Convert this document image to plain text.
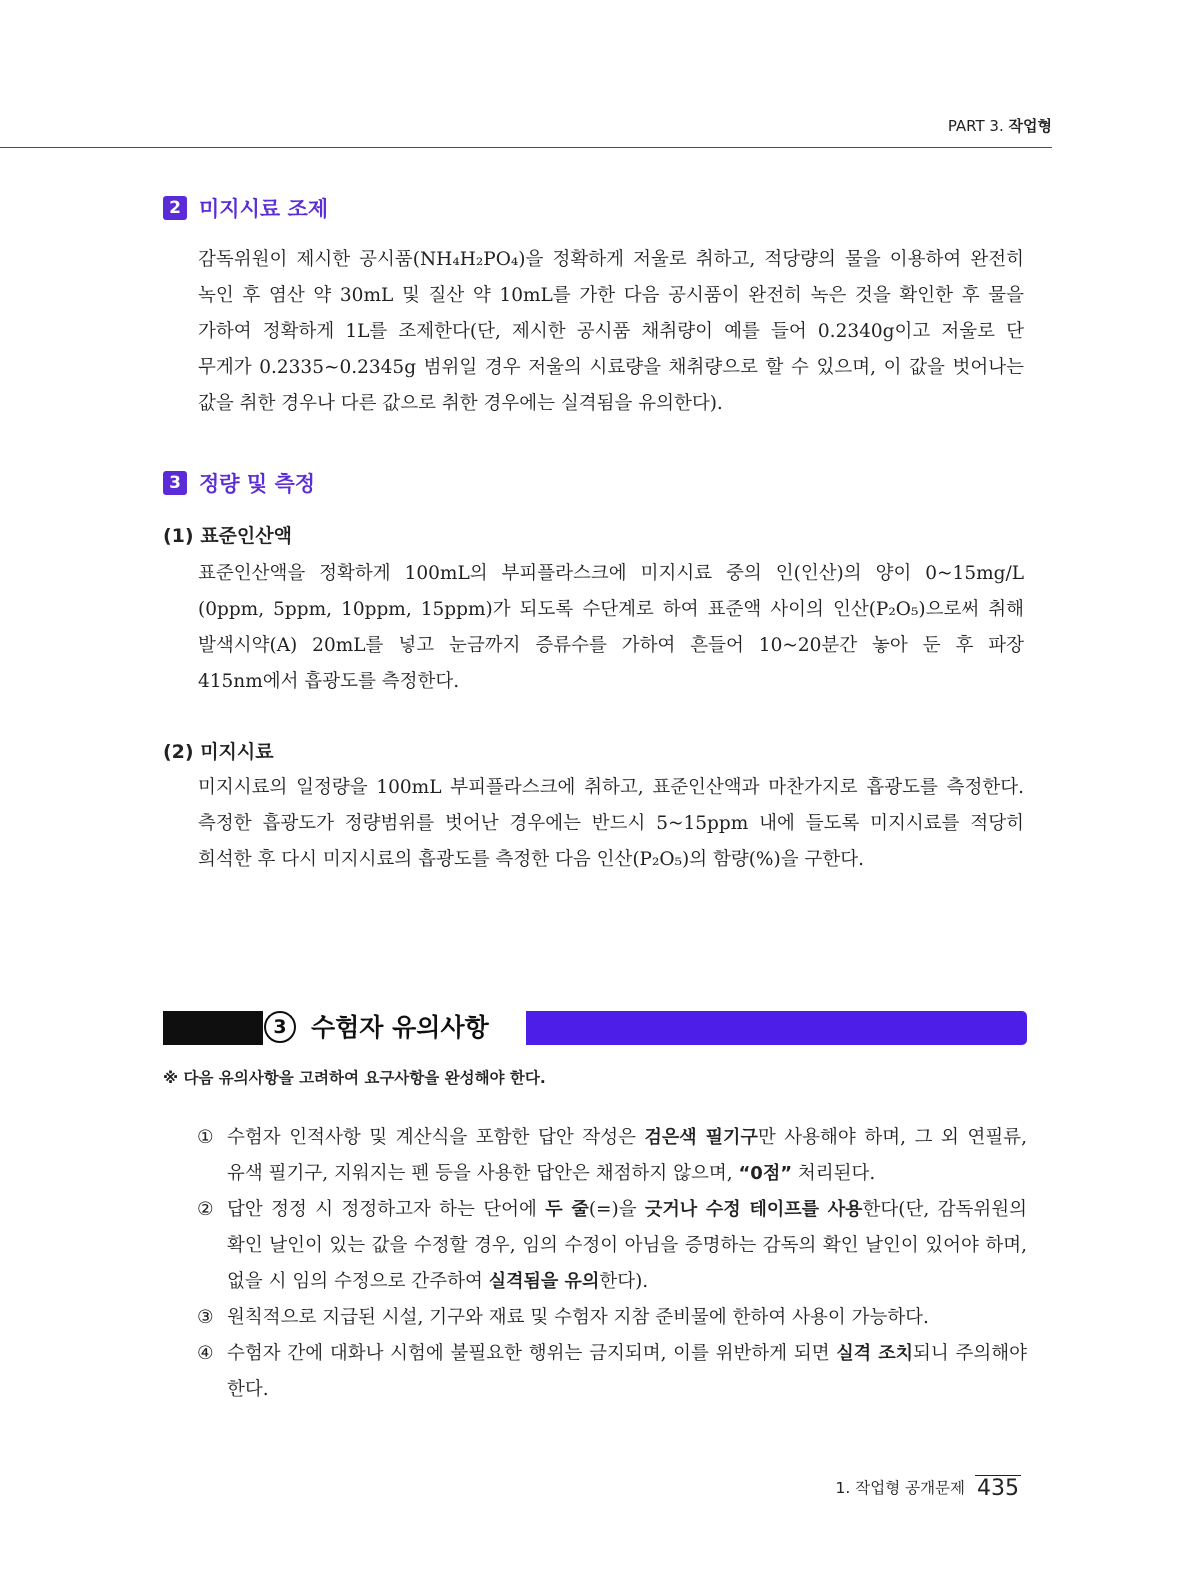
PART 3. 작업형
2 미지시료 조제

감독위원이 제시한 공시품(NH₄H₂PO₄)을 정확하게 저울로 취하고, 적당량의 물을 이용하여 완전히 녹인 후 염산 약 30mL 및 질산 약 10mL를 가한 다음 공시품이 완전히 녹은 것을 확인한 후 물을 가하여 정확하게 1L를 조제한다(단, 제시한 공시품 채취량이 예를 들어 0.2340g이고 저울로 단 무게가 0.2335∼0.2345g 범위일 경우 저울의 시료량을 채취량으로 할 수 있으며, 이 값을 벗어나는 값을 취한 경우나 다른 값으로 취한 경우에는 실격됨을 유의한다).

3 정량 및 측정
(1) 표준인산액

표준인산액을 정확하게 100mL의 부피플라스크에 미지시료 중의 인(인산)의 양이 0~15mg/L (0ppm, 5ppm, 10ppm, 15ppm)가 되도록 수단계로 하여 표준액 사이의 인산(P₂O₅)으로써 취해 발색시약(A) 20mL를 넣고 눈금까지 증류수를 가하여 흔들어 10~20분간 놓아 둔 후 파장 415nm에서 흡광도를 측정한다.

(2) 미지시료

미지시료의 일정량을 100mL 부피플라스크에 취하고, 표준인산액과 마찬가지로 흡광도를 측정한다. 측정한 흡광도가 정량범위를 벗어난 경우에는 반드시 5~15ppm 내에 들도록 미지시료를 적당히 희석한 후 다시 미지시료의 흡광도를 측정한 다음 인산(P₂O₅)의 함량(%)을 구한다.

3 수험자 유의사항
※ 다음 유의사항을 고려하여 요구사항을 완성해야 한다.
① 수험자 인적사항 및 계산식을 포함한 답안 작성은 검은색 필기구만 사용해야 하며, 그 외 연필류, 유색 필기구, 지워지는 펜 등을 사용한 답안은 채점하지 않으며, “0점” 처리된다.
② 답안 정정 시 정정하고자 하는 단어에 두 줄(=)을 긋거나 수정 테이프를 사용한다(단, 감독위원의 확인 날인이 있는 값을 수정할 경우, 임의 수정이 아님을 증명하는 감독의 확인 날인이 있어야 하며, 없을 시 임의 수정으로 간주하여 실격됨을 유의한다).
③ 원칙적으로 지급된 시설, 기구와 재료 및 수험자 지참 준비물에 한하여 사용이 가능하다.
④ 수험자 간에 대화나 시험에 불필요한 행위는 금지되며, 이를 위반하게 되면 실격 조치되니 주의해야 한다.
1. 작업형 공개문제 435
